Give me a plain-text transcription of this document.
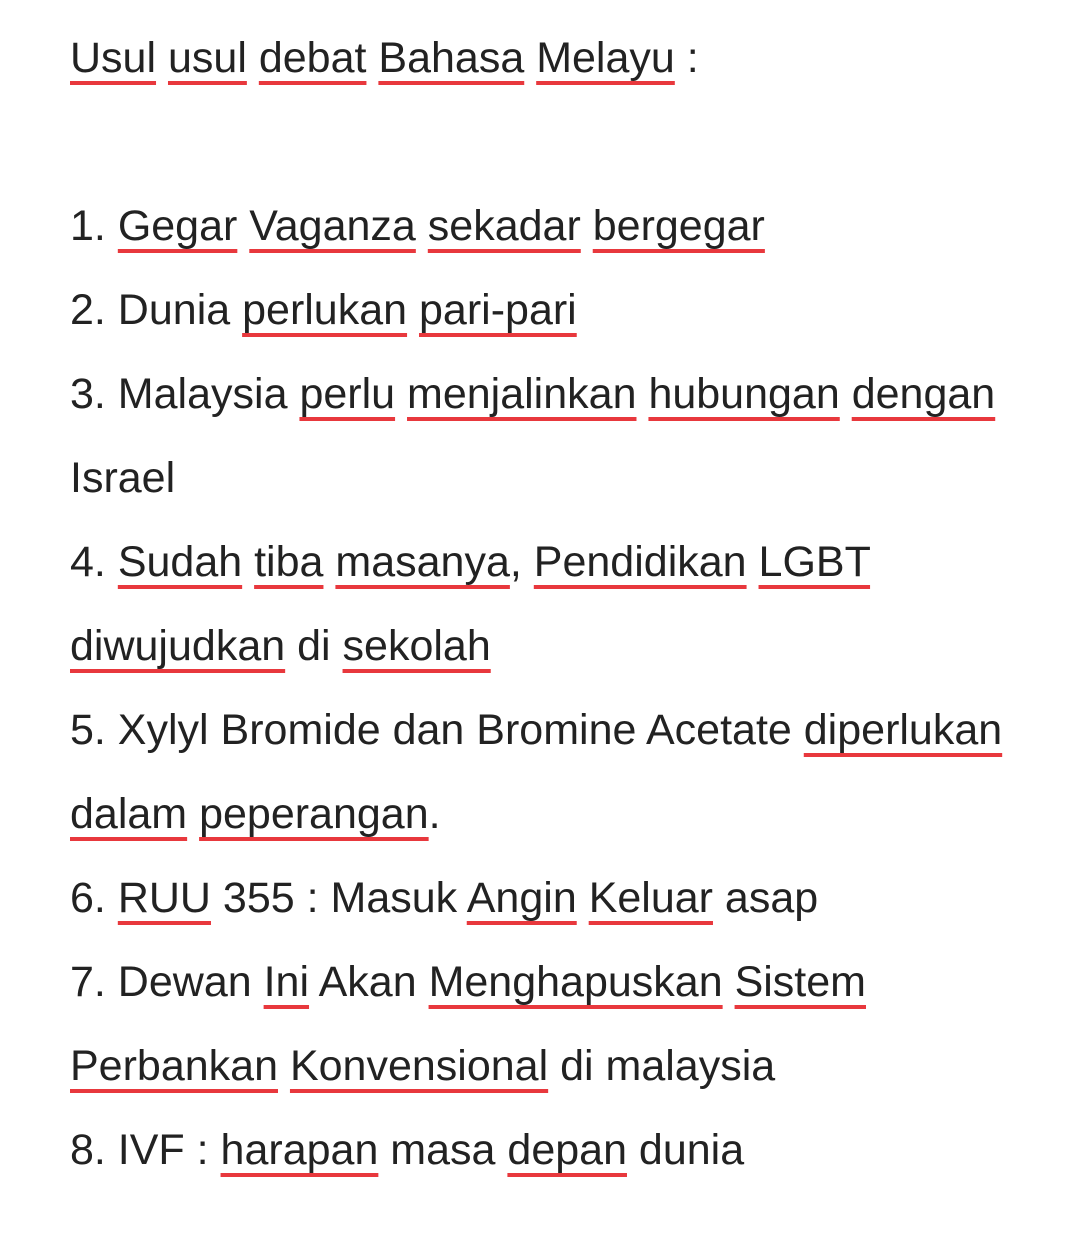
Usul usul debat Bahasa Melayu :
1. Gegar Vaganza sekadar bergegar
2. Dunia perlukan pari-pari
3. Malaysia perlu menjalinkan hubungan dengan Israel
4. Sudah tiba masanya, Pendidikan LGBT diwujudkan di sekolah
5. Xylyl Bromide dan Bromine Acetate diperlukan dalam peperangan.
6. RUU 355 : Masuk Angin Keluar asap
7. Dewan Ini Akan Menghapuskan Sistem Perbankan Konvensional di malaysia
8. IVF : harapan masa depan dunia
